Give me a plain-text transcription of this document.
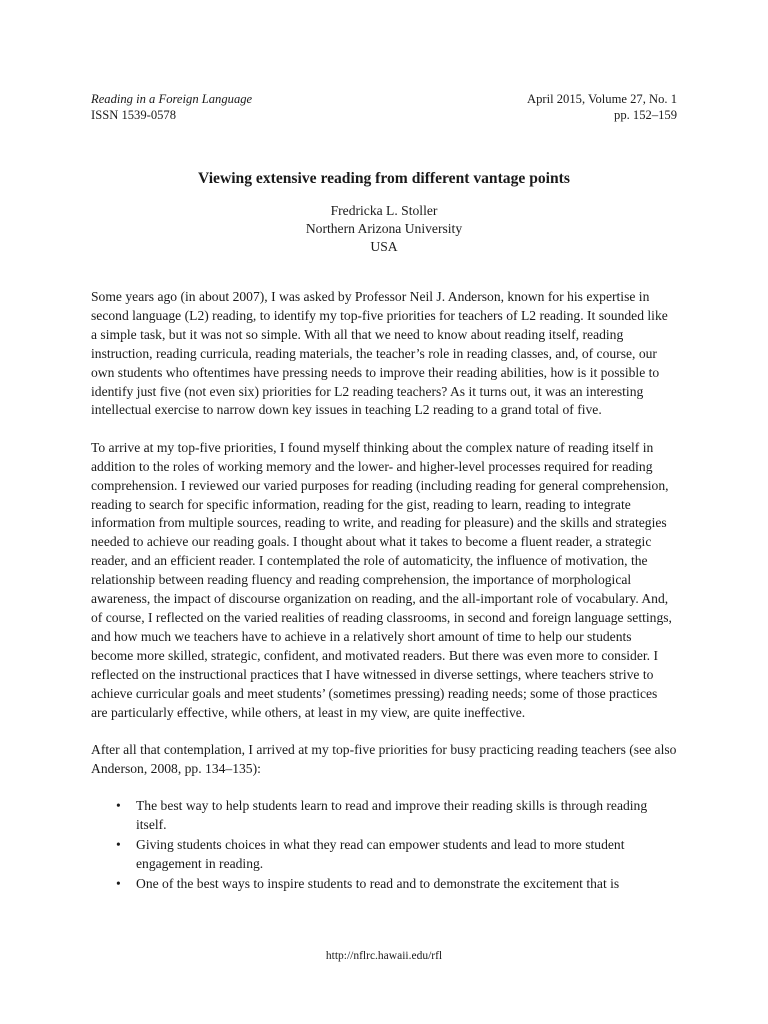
Reading in a Foreign Language
ISSN 1539-0578
April 2015, Volume 27, No. 1
pp. 152–159
Viewing extensive reading from different vantage points
Fredricka L. Stoller
Northern Arizona University
USA

Some years ago (in about 2007), I was asked by Professor Neil J. Anderson, known for his expertise in second language (L2) reading, to identify my top-five priorities for teachers of L2 reading. It sounded like a simple task, but it was not so simple. With all that we need to know about reading itself, reading instruction, reading curricula, reading materials, the teacher’s role in reading classes, and, of course, our own students who oftentimes have pressing needs to improve their reading abilities, how is it possible to identify just five (not even six) priorities for L2 reading teachers? As it turns out, it was an interesting intellectual exercise to narrow down key issues in teaching L2 reading to a grand total of five.

To arrive at my top-five priorities, I found myself thinking about the complex nature of reading itself in addition to the roles of working memory and the lower- and higher-level processes required for reading comprehension. I reviewed our varied purposes for reading (including reading for general comprehension, reading to search for specific information, reading for the gist, reading to learn, reading to integrate information from multiple sources, reading to write, and reading for pleasure) and the skills and strategies needed to achieve our reading goals. I thought about what it takes to become a fluent reader, a strategic reader, and an efficient reader. I contemplated the role of automaticity, the influence of motivation, the relationship between reading fluency and reading comprehension, the importance of morphological awareness, the impact of discourse organization on reading, and the all-important role of vocabulary. And, of course, I reflected on the varied realities of reading classrooms, in second and foreign language settings, and how much we teachers have to achieve in a relatively short amount of time to help our students become more skilled, strategic, confident, and motivated readers. But there was even more to consider. I reflected on the instructional practices that I have witnessed in diverse settings, where teachers strive to achieve curricular goals and meet students’ (sometimes pressing) reading needs; some of those practices are particularly effective, while others, at least in my view, are quite ineffective.

After all that contemplation, I arrived at my top-five priorities for busy practicing reading teachers (see also Anderson, 2008, pp. 134–135):

• The best way to help students learn to read and improve their reading skills is through reading itself.
• Giving students choices in what they read can empower students and lead to more student engagement in reading.
• One of the best ways to inspire students to read and to demonstrate the excitement that is
http://nflrc.hawaii.edu/rfl
